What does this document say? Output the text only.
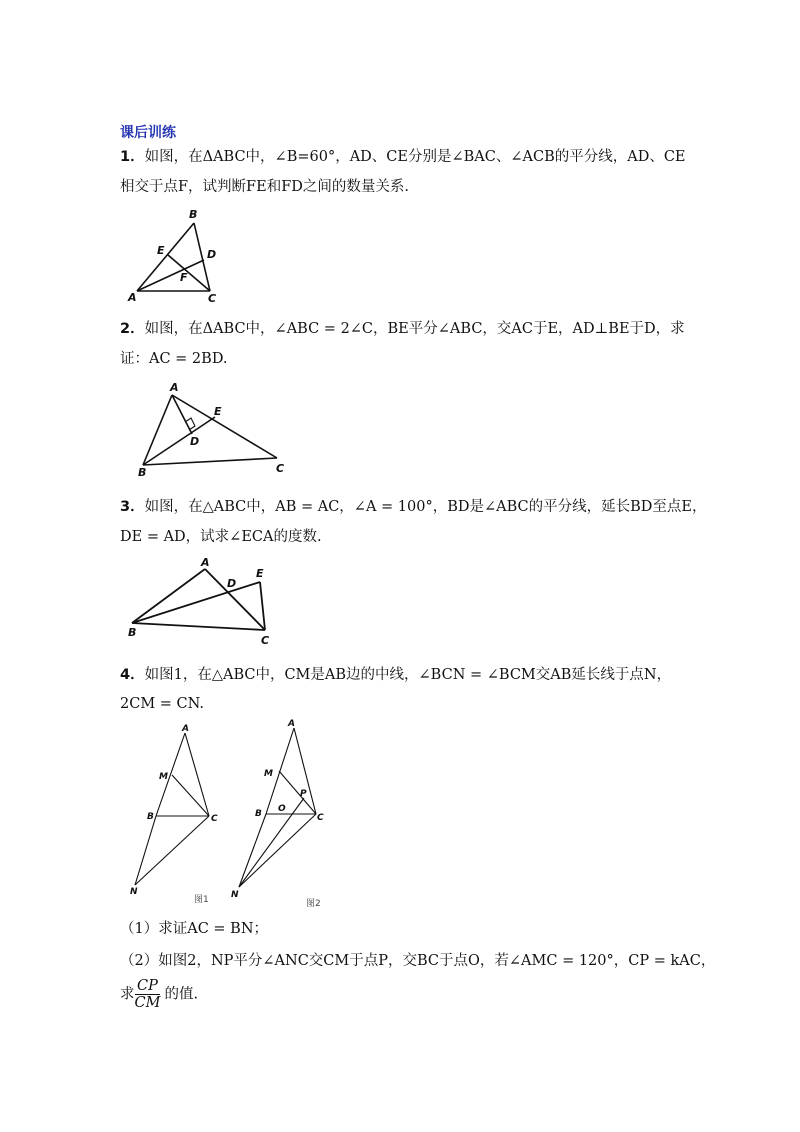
课后训练
1．如图，在ΔABC中，∠B=60°，AD、CE分别是∠BAC、∠ACB的平分线，AD、CE
相交于点F，试判断FE和FD之间的数量关系.
B
E	D
F
A	C
2．如图，在ΔABC中，∠ABC = 2∠C，BE平分∠ABC，交AC于E，AD⊥BE于D，求
证：AC = 2BD.
A
E
D
B	C
3．如图，在△ABC中，AB = AC，∠A = 100°，BD是∠ABC的平分线，延长BD至点E，
DE = AD，试求∠ECA的度数.
A
D
E
B
C
4．如图1，在△ABC中，CM是AB边的中线，∠BCN = ∠BCM交AB延长线于点N，
2CM = CN.
A
M
B	C
N
图1
A
M
P
O
B	C
N
图2
（1）求证AC = BN；
（2）如图2，NP平分∠ANC交CM于点P，交BC于点O，若∠AMC = 120°，CP = kAC，
求 $\frac{CP}{CM}$ 的值.
